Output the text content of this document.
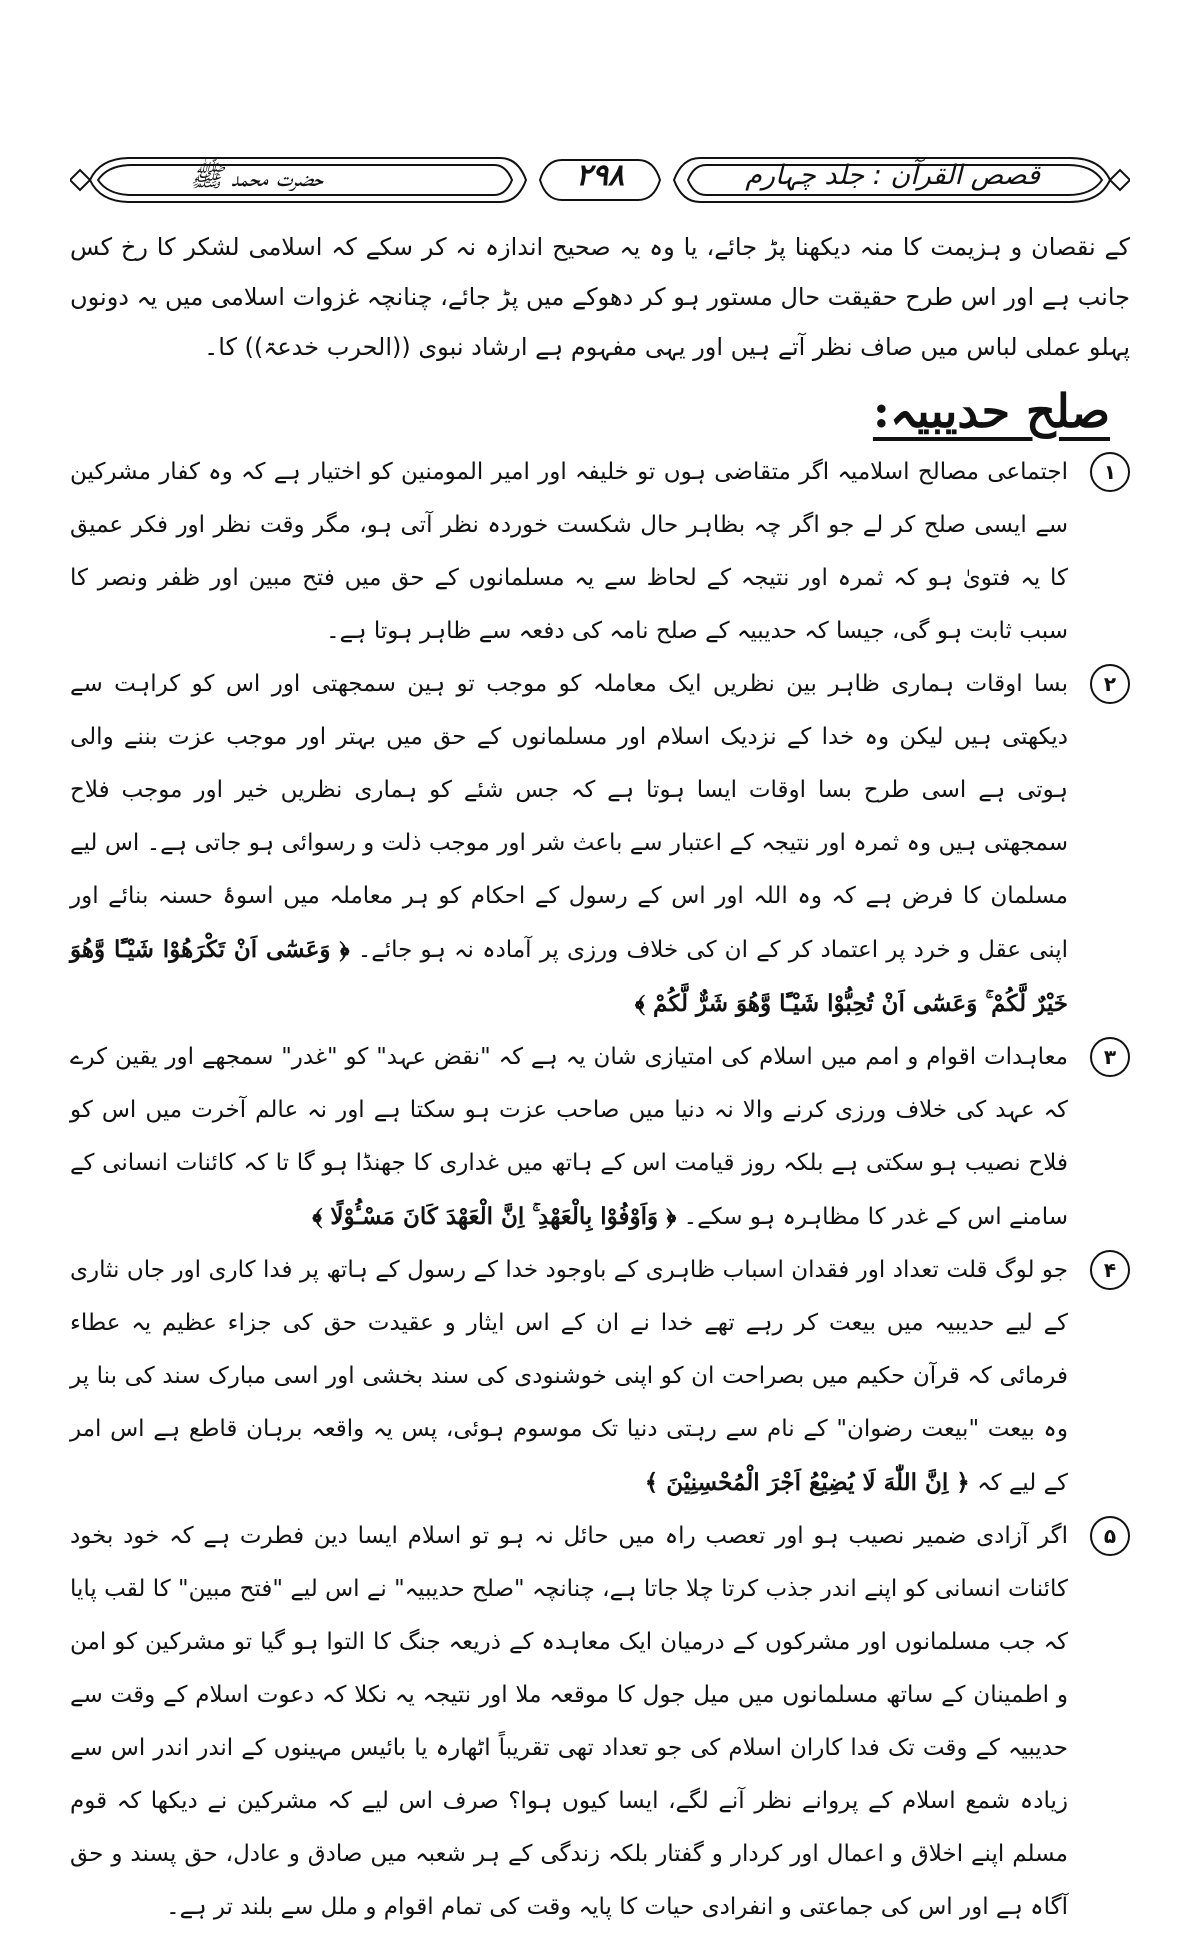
قصص القرآن : جلد چہارم
۲۹۸
حضرت محمد ﷺ

کے نقصان و ہزیمت کا منہ دیکھنا پڑ جائے، یا وہ یہ صحیح اندازہ نہ کر سکے کہ اسلامی لشکر کا رخ کس جانب ہے اور اس طرح حقیقت حال مستور ہو کر دھوکے میں پڑ جائے، چنانچہ غزوات اسلامی میں یہ دونوں پہلو عملی لباس میں صاف نظر آتے ہیں اور یہی مفہوم ہے ارشاد نبوی ((الحرب خدعۃ)) کا۔

صلح حدیبیہ:
۱

اجتماعی مصالح اسلامیہ اگر متقاضی ہوں تو خلیفہ اور امیر المومنین کو اختیار ہے کہ وہ کفار مشرکین سے ایسی صلح کر لے جو اگر چہ بظاہر حال شکست خوردہ نظر آتی ہو، مگر وقت نظر اور فکر عمیق کا یہ فتویٰ ہو کہ ثمرہ اور نتیجہ کے لحاظ سے یہ مسلمانوں کے حق میں فتح مبین اور ظفر ونصر کا سبب ثابت ہو گی، جیسا کہ حدیبیہ کے صلح نامہ کی دفعہ سے ظاہر ہوتا ہے۔

۲

بسا اوقات ہماری ظاہر بین نظریں ایک معاملہ کو موجب تو ہین سمجھتی اور اس کو کراہت سے دیکھتی ہیں لیکن وہ خدا کے نزدیک اسلام اور مسلمانوں کے حق میں بہتر اور موجب عزت بننے والی ہوتی ہے اسی طرح بسا اوقات ایسا ہوتا ہے کہ جس شئے کو ہماری نظریں خیر اور موجب فلاح سمجھتی ہیں وہ ثمرہ اور نتیجہ کے اعتبار سے باعث شر اور موجب ذلت و رسوائی ہو جاتی ہے۔ اس لیے مسلمان کا فرض ہے کہ وہ اللہ اور اس کے رسول کے احکام کو ہر معاملہ میں اسوۂ حسنہ بنائے اور اپنی عقل و خرد پر اعتماد کر کے ان کی خلاف ورزی پر آمادہ نہ ہو جائے۔ ﴿ وَعَسٰٓى اَنْ تَكْرَهُوْا شَيْـًٔا وَّهُوَ خَيْرٌ لَّكُمْ ۚ وَعَسٰٓى اَنْ تُحِبُّوْا شَيْـًٔا وَّهُوَ شَرٌّ لَّكُمْ ﴾

۳

معاہدات اقوام و امم میں اسلام کی امتیازی شان یہ ہے کہ "نقض عہد" کو "غدر" سمجھے اور یقین کرے کہ عہد کی خلاف ورزی کرنے والا نہ دنیا میں صاحب عزت ہو سکتا ہے اور نہ عالم آخرت میں اس کو فلاح نصیب ہو سکتی ہے بلکہ روز قیامت اس کے ہاتھ میں غداری کا جھنڈا ہو گا تا کہ کائنات انسانی کے سامنے اس کے غدر کا مظاہرہ ہو سکے۔ ﴿ وَاَوْفُوْا بِالْعَهْدِ ۚ اِنَّ الْعَهْدَ كَانَ مَسْـُٔوْلًا ﴾

۴

جو لوگ قلت تعداد اور فقدان اسباب ظاہری کے باوجود خدا کے رسول کے ہاتھ پر فدا کاری اور جاں نثاری کے لیے حدیبیہ میں بیعت کر رہے تھے خدا نے ان کے اس ایثار و عقیدت حق کی جزاء عظیم یہ عطاء فرمائی کہ قرآن حکیم میں بصراحت ان کو اپنی خوشنودی کی سند بخشی اور اسی مبارک سند کی بنا پر وہ بیعت "بیعت رضوان" کے نام سے رہتی دنیا تک موسوم ہوئی، پس یہ واقعہ برہان قاطع ہے اس امر کے لیے کہ ﴿ اِنَّ اللّٰهَ لَا يُضِيْعُ اَجْرَ الْمُحْسِنِيْنَ ﴾

۵

اگر آزادی ضمیر نصیب ہو اور تعصب راہ میں حائل نہ ہو تو اسلام ایسا دین فطرت ہے کہ خود بخود کائنات انسانی کو اپنے اندر جذب کرتا چلا جاتا ہے، چنانچہ "صلح حدیبیہ" نے اس لیے "فتح مبین" کا لقب پایا کہ جب مسلمانوں اور مشرکوں کے درمیان ایک معاہدہ کے ذریعہ جنگ کا التوا ہو گیا تو مشرکین کو امن و اطمینان کے ساتھ مسلمانوں میں میل جول کا موقعہ ملا اور نتیجہ یہ نکلا کہ دعوت اسلام کے وقت سے حدیبیہ کے وقت تک فدا کاران اسلام کی جو تعداد تھی تقریباً اٹھارہ یا بائیس مہینوں کے اندر اندر اس سے زیادہ شمع اسلام کے پروانے نظر آنے لگے، ایسا کیوں ہوا؟ صرف اس لیے کہ مشرکین نے دیکھا کہ قوم مسلم اپنے اخلاق و اعمال اور کردار و گفتار بلکہ زندگی کے ہر شعبہ میں صادق و عادل، حق پسند و حق آگاہ ہے اور اس کی جماعتی و انفرادی حیات کا پایہ وقت کی تمام اقوام و ملل سے بلند تر ہے۔
